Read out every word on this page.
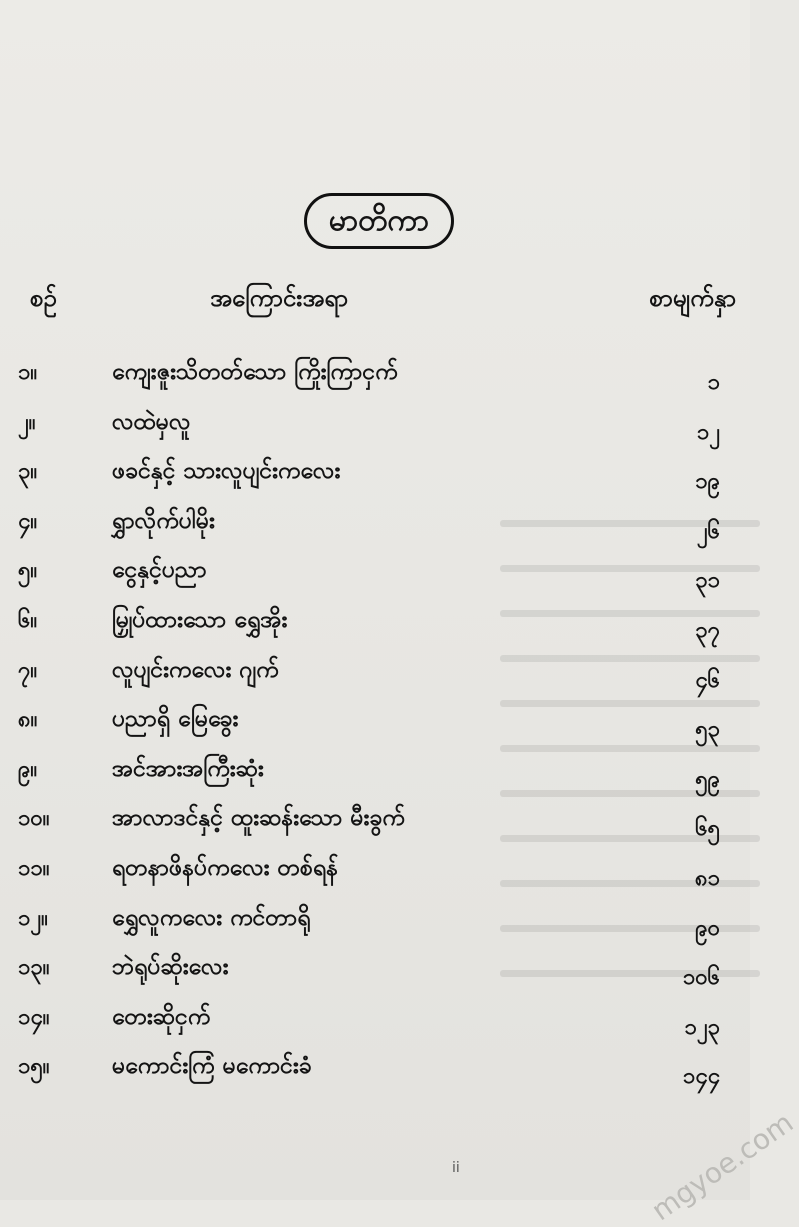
မာတိကာ
စဉ်	အကြောင်းအရာ	စာမျက်နှာ
၁။	ကျေးဇူးသိတတ်သော ကြိုးကြာငှက်	၁
၂။	လထဲမှလူ	၁၂
၃။	ဖခင်နှင့် သားလူပျင်းကလေး	၁၉
၄။	ရွှာလိုက်ပါမိုး	၂၆
၅။	ငွေနှင့်ပညာ	၃၁
၆။	မြှုပ်ထားသော ရွှေအိုး	၃၇
၇။	လူပျင်းကလေး ဂျက်	၄၆
၈။	ပညာရှိ မြေခွေး	၅၃
၉။	အင်အားအကြီးဆုံး	၅၉
၁၀။	အာလာဒင်နှင့် ထူးဆန်းသော မီးခွက်	၆၅
၁၁။	ရတနာဖိနပ်ကလေး တစ်ရန်	၈၁
၁၂။	ရွှေလူကလေး ကင်တာရို	၉၀
၁၃။	ဘဲရုပ်ဆိုးလေး	၁၀၆
၁၄။	တေးဆိုငှက်	၁၂၃
၁၅။	မကောင်းကြံ မကောင်းခံ	၁၄၄
ii	mgyoe.com
